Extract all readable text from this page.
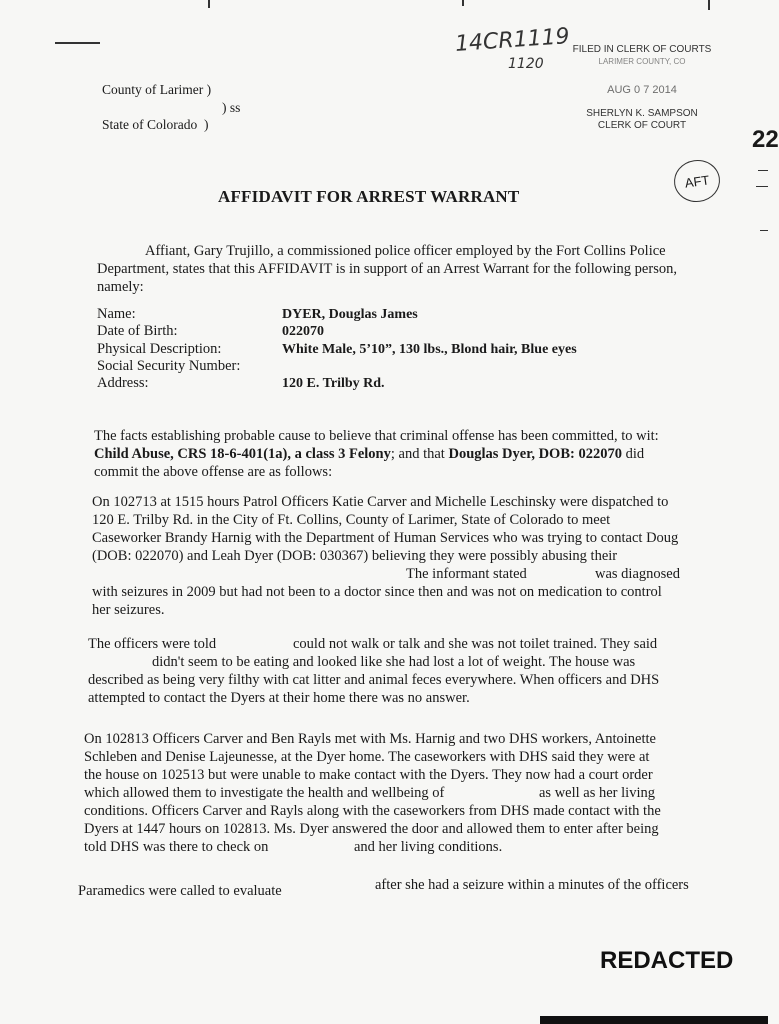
14CR1119
1120
FILED IN CLERK OF COURTS
LARIMER COUNTY, CO
AUG 0 7 2014
SHERLYN K. SAMPSON
CLERK OF COURT
22
AFT
County of Larimer )
) ss
State of Colorado  )
AFFIDAVIT FOR ARREST WARRANT
Affiant, Gary Trujillo, a commissioned police officer employed by the Fort Collins Police Department, states that this AFFIDAVIT is in support of an Arrest Warrant for the following person, namely:
Name:	DYER, Douglas James
Date of Birth:	022070
Physical Description:	White Male, 5’10”, 130 lbs., Blond hair, Blue eyes
Social Security Number:
Address:	120 E. Trilby Rd.
The facts establishing probable cause to believe that criminal offense has been committed, to wit:
Child Abuse, CRS 18-6-401(1a), a class 3 Felony; and that Douglas Dyer, DOB: 022070 did
commit the above offense are as follows:
On 102713 at 1515 hours Patrol Officers Katie Carver and Michelle Leschinsky were dispatched to
120 E. Trilby Rd. in the City of Ft. Collins, County of Larimer, State of Colorado to meet
Caseworker Brandy Harnig with the Department of Human Services who was trying to contact Doug
(DOB: 022070) and Leah Dyer (DOB: 030367) believing they were possibly abusing their
The informant stated	was diagnosed
with seizures in 2009 but had not been to a doctor since then and was not on medication to control
her seizures.
The officers were told	could not walk or talk and she was not toilet trained. They said
didn't seem to be eating and looked like she had lost a lot of weight. The house was
described as being very filthy with cat litter and animal feces everywhere. When officers and DHS
attempted to contact the Dyers at their home there was no answer.
On 102813 Officers Carver and Ben Rayls met with Ms. Harnig and two DHS workers, Antoinette
Schleben and Denise Lajeunesse, at the Dyer home. The caseworkers with DHS said they were at
the house on 102513 but were unable to make contact with the Dyers. They now had a court order
which allowed them to investigate the health and wellbeing of	as well as her living
conditions. Officers Carver and Rayls along with the caseworkers from DHS made contact with the
Dyers at 1447 hours on 102813. Ms. Dyer answered the door and allowed them to enter after being
told DHS was there to check on	and her living conditions.
Paramedics were called to evaluate	after she had a seizure within a minutes of the officers
REDACTED
